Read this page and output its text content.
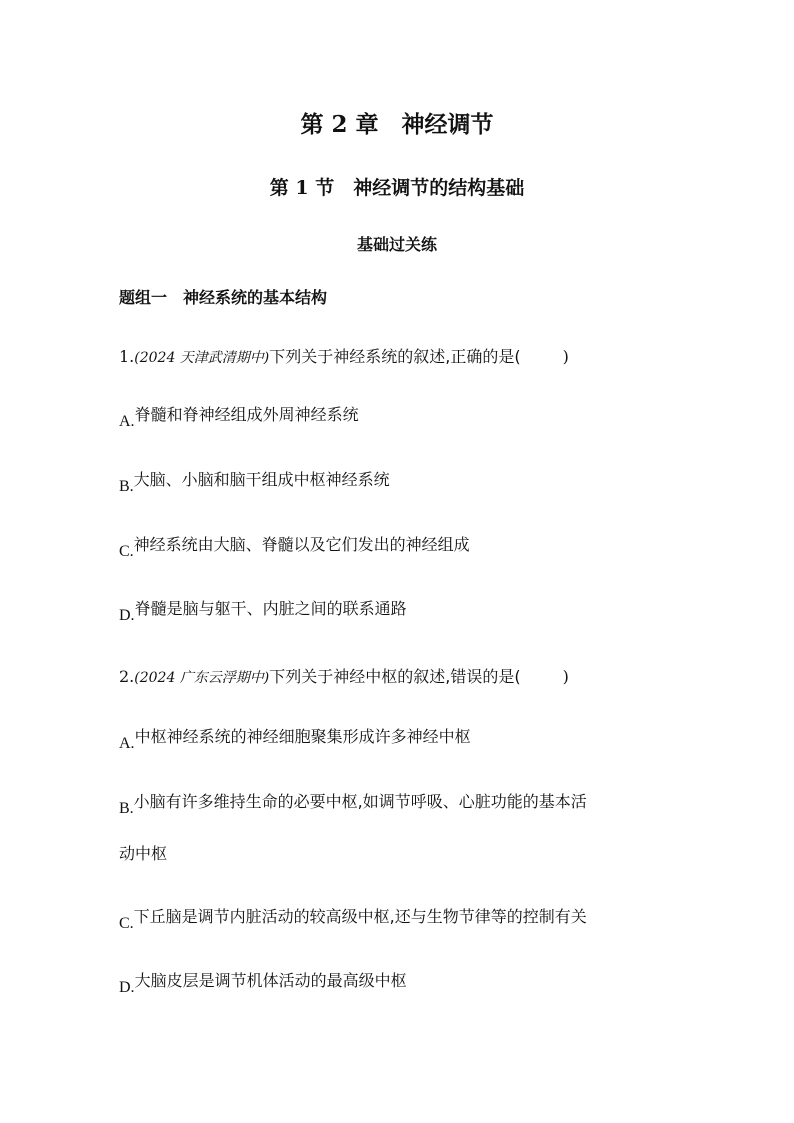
第 2 章　神经调节
第 1 节　神经调节的结构基础
基础过关练
题组一　神经系统的基本结构
1.(2024 天津武清期中)下列关于神经系统的叙述,正确的是(	)
A.脊髓和脊神经组成外周神经系统
B.大脑、小脑和脑干组成中枢神经系统
C.神经系统由大脑、脊髓以及它们发出的神经组成
D.脊髓是脑与躯干、内脏之间的联系通路
2.(2024 广东云浮期中)下列关于神经中枢的叙述,错误的是(	)
A.中枢神经系统的神经细胞聚集形成许多神经中枢
B.小脑有许多维持生命的必要中枢,如调节呼吸、心脏功能的基本活
动中枢
C.下丘脑是调节内脏活动的较高级中枢,还与生物节律等的控制有关
D.大脑皮层是调节机体活动的最高级中枢
